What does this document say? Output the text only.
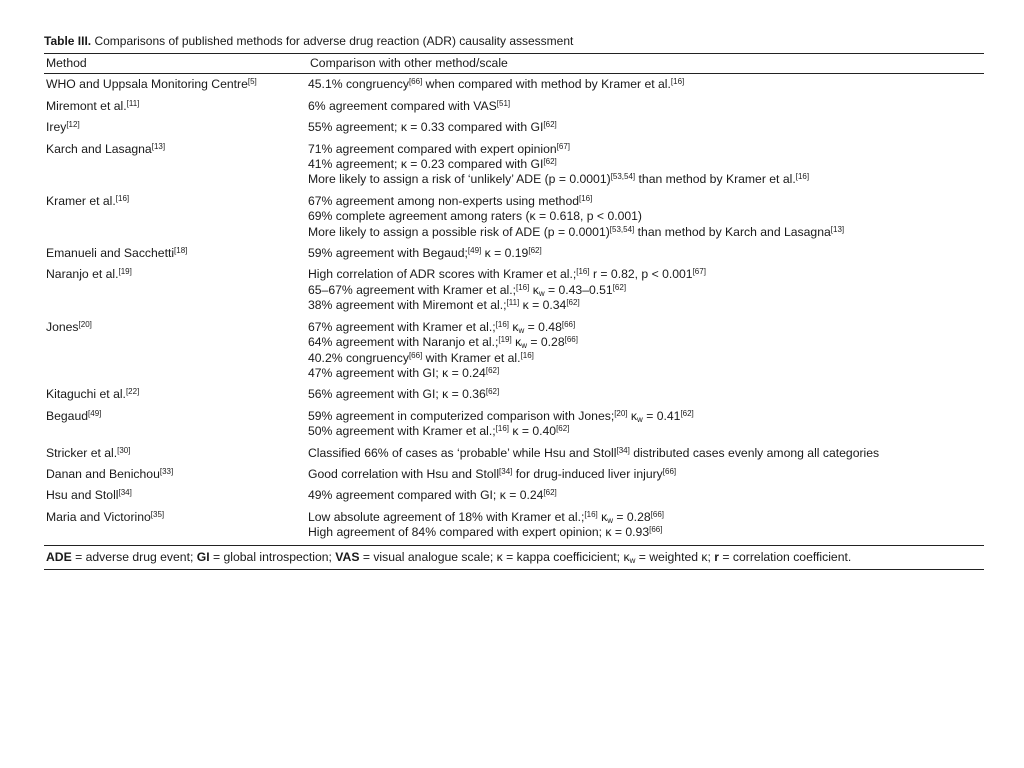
Table III. Comparisons of published methods for adverse drug reaction (ADR) causality assessment
Method	Comparison with other method/scale
WHO and Uppsala Monitoring Centre[5]	45.1% congruency[66] when compared with method by Kramer et al.[16]

Miremont et al.[11]	6% agreement compared with VAS[51]

Irey[12]	55% agreement; κ = 0.33 compared with GI[62]

Karch and Lasagna[13]	71% agreement compared with expert opinion[67]
41% agreement; κ = 0.23 compared with GI[62]
More likely to assign a risk of ‘unlikely’ ADE (p = 0.0001)[53,54] than method by Kramer et al.[16]

Kramer et al.[16]	67% agreement among non-experts using method[16]
69% complete agreement among raters (κ = 0.618, p < 0.001)
More likely to assign a possible risk of ADE (p = 0.0001)[53,54] than method by Karch and Lasagna[13]

Emanueli and Sacchetti[18]	59% agreement with Begaud;[49] κ = 0.19[62]

Naranjo et al.[19]	High correlation of ADR scores with Kramer et al.;[16] r = 0.82, p < 0.001[67]
65–67% agreement with Kramer et al.;[16] $\kappa_w = 0.43-0.51[62]$
38% agreement with Miremont et al.;[11] κ = 0.34[62]

Jones[20]	67% agreement with Kramer et al.;[16] $\kappa_w = 0.48[66]$
64% agreement with Naranjo et al.;[19] $\kappa_w = 0.28[66]$
40.2% congruency[66] with Kramer et al.[16]
47% agreement with GI; κ = 0.24[62]

Kitaguchi et al.[22]	56% agreement with GI; κ = 0.36[62]

Begaud[49]	59% agreement in computerized comparison with Jones;[20] $\kappa_w = 0.41[62]$
50% agreement with Kramer et al.;[16] κ = 0.40[62]

Stricker et al.[30]	Classified 66% of cases as ‘probable’ while Hsu and Stoll[34] distributed cases evenly among all categories

Danan and Benichou[33]	Good correlation with Hsu and Stoll[34] for drug-induced liver injury[66]

Hsu and Stoll[34]	49% agreement compared with GI; κ = 0.24[62]

Maria and Victorino[35]	Low absolute agreement of 18% with Kramer et al.;[16] $\kappa_w = 0.28[66]$
High agreement of 84% compared with expert opinion; κ = 0.93[66]

ADE = adverse drug event; GI = global introspection; VAS = visual analogue scale; κ = kappa coefficicient; $\kappa_w$ = weighted κ; r = correlation coefficient.	
